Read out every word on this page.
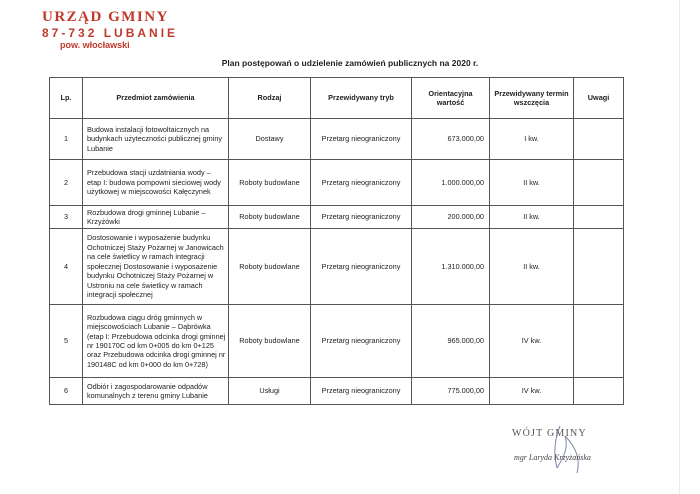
URZĄD GMINY
87-732 LUBANIE
pow. włocławski
Plan postępowań o udzielenie zamówień publicznych na 2020 r.
Lp.	Przedmiot zamówienia	Rodzaj	Przewidywany tryb	Orientacyjna wartość	Przewidywany termin wszczęcia	Uwagi
1	Budowa instalacji fotowoltaicznych na budynkach użyteczności publicznej gminy Lubanie	Dostawy	Przetarg nieograniczony	673.000,00	I kw.	
2	Przebudowa stacji uzdatniania wody – etap I: budowa pompowni sieciowej wody użytkowej w miejscowości Kałęczynek	Roboty budowlane	Przetarg nieograniczony	1.000.000,00	II kw.	
3	Rozbudowa drogi gminnej Lubanie – Krzyżówki	Roboty budowlane	Przetarg nieograniczony	200.000,00	II kw.	
4	Dostosowanie i wyposażenie budynku Ochotniczej Staży Pożarnej w Janowicach na cele świetlicy w ramach integracji społecznej Dostosowanie i wyposażenie budynku Ochotniczej Staży Pożarnej w Ustroniu na cele świetlicy w ramach integracji społecznej	Roboty budowlane	Przetarg nieograniczony	1.310.000,00	II kw.	
5	Rozbudowa ciągu dróg gminnych w miejscowościach Lubanie – Dąbrówka (etap I: Przebudowa odcinka drogi gminnej nr 190170C od km 0+005 do km 0+125 oraz Przebudowa odcinka drogi gminnej nr 190148C od km 0+000 do km 0+728)	Roboty budowlane	Przetarg nieograniczony	965.000,00	IV kw.	
6	Odbiór i zagospodarowanie odpadów komunalnych z terenu gminy Lubanie	Usługi	Przetarg nieograniczony	775.000,00	IV kw.	
WÓJT GMINY
mgr Laryda Krzyżańska
